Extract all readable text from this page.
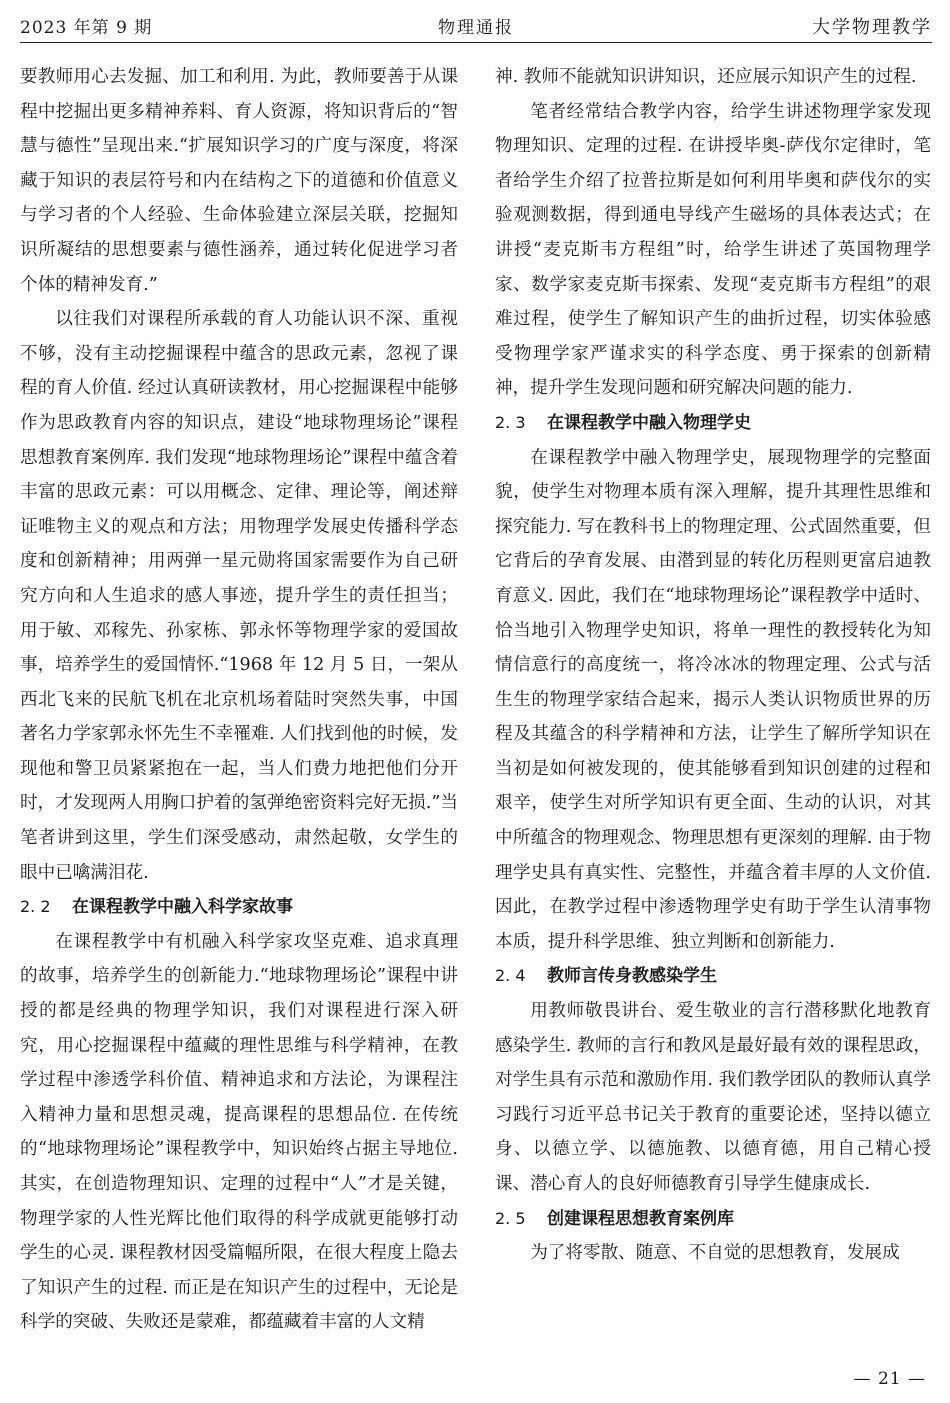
2023 年第 9 期	物理通报	大学物理教学

要教师用心去发掘、加工和利用. 为此，教师要善于从课程中挖掘出更多精神养料、育人资源，将知识背后的“智慧与德性”呈现出来.“扩展知识学习的广度与深度，将深藏于知识的表层符号和内在结构之下的道德和价值意义与学习者的个人经验、生命体验建立深层关联，挖掘知识所凝结的思想要素与德性涵养，通过转化促进学习者个体的精神发育.”

以往我们对课程所承载的育人功能认识不深、重视不够，没有主动挖掘课程中蕴含的思政元素，忽视了课程的育人价值. 经过认真研读教材，用心挖掘课程中能够作为思政教育内容的知识点，建设“地球物理场论”课程思想教育案例库. 我们发现“地球物理场论”课程中蕴含着丰富的思政元素：可以用概念、定律、理论等，阐述辩证唯物主义的观点和方法；用物理学发展史传播科学态度和创新精神；用两弹一星元勋将国家需要作为自己研究方向和人生追求的感人事迹，提升学生的责任担当；用于敏、邓稼先、孙家栋、郭永怀等物理学家的爱国故事，培养学生的爱国情怀.“1968 年 12 月 5 日，一架从西北飞来的民航飞机在北京机场着陆时突然失事，中国著名力学家郭永怀先生不幸罹难. 人们找到他的时候，发现他和警卫员紧紧抱在一起，当人们费力地把他们分开时，才发现两人用胸口护着的氢弹绝密资料完好无损.”当笔者讲到这里，学生们深受感动，肃然起敬，女学生的眼中已噙满泪花.

2. 2 在课程教学中融入科学家故事

在课程教学中有机融入科学家攻坚克难、追求真理的故事，培养学生的创新能力.“地球物理场论”课程中讲授的都是经典的物理学知识，我们对课程进行深入研究，用心挖掘课程中蕴藏的理性思维与科学精神，在教学过程中渗透学科价值、精神追求和方法论，为课程注入精神力量和思想灵魂，提高课程的思想品位. 在传统的“地球物理场论”课程教学中，知识始终占据主导地位. 其实，在创造物理知识、定理的过程中“人”才是关键，物理学家的人性光辉比他们取得的科学成就更能够打动学生的心灵. 课程教材因受篇幅所限，在很大程度上隐去了知识产生的过程. 而正是在知识产生的过程中，无论是科学的突破、失败还是蒙难，都蕴藏着丰富的人文精

神. 教师不能就知识讲知识，还应展示知识产生的过程.

笔者经常结合教学内容，给学生讲述物理学家发现物理知识、定理的过程. 在讲授毕奥-萨伐尔定律时，笔者给学生介绍了拉普拉斯是如何利用毕奥和萨伐尔的实验观测数据，得到通电导线产生磁场的具体表达式；在讲授“麦克斯韦方程组”时，给学生讲述了英国物理学家、数学家麦克斯韦探索、发现“麦克斯韦方程组”的艰难过程，使学生了解知识产生的曲折过程，切实体验感受物理学家严谨求实的科学态度、勇于探索的创新精神，提升学生发现问题和研究解决问题的能力.

2. 3 在课程教学中融入物理学史

在课程教学中融入物理学史，展现物理学的完整面貌，使学生对物理本质有深入理解，提升其理性思维和探究能力. 写在教科书上的物理定理、公式固然重要，但它背后的孕育发展、由潜到显的转化历程则更富启迪教育意义. 因此，我们在“地球物理场论”课程教学中适时、恰当地引入物理学史知识，将单一理性的教授转化为知情信意行的高度统一，将冷冰冰的物理定理、公式与活生生的物理学家结合起来，揭示人类认识物质世界的历程及其蕴含的科学精神和方法，让学生了解所学知识在当初是如何被发现的，使其能够看到知识创建的过程和艰辛，使学生对所学知识有更全面、生动的认识，对其中所蕴含的物理观念、物理思想有更深刻的理解. 由于物理学史具有真实性、完整性，并蕴含着丰厚的人文价值. 因此，在教学过程中渗透物理学史有助于学生认清事物本质，提升科学思维、独立判断和创新能力.

2. 4 教师言传身教感染学生

用教师敬畏讲台、爱生敬业的言行潜移默化地教育感染学生. 教师的言行和教风是最好最有效的课程思政，对学生具有示范和激励作用. 我们教学团队的教师认真学习践行习近平总书记关于教育的重要论述，坚持以德立身、以德立学、以德施教、以德育德，用自己精心授课、潜心育人的良好师德教育引导学生健康成长.

2. 5 创建课程思想教育案例库

为了将零散、随意、不自觉的思想教育，发展成

— 21 —
